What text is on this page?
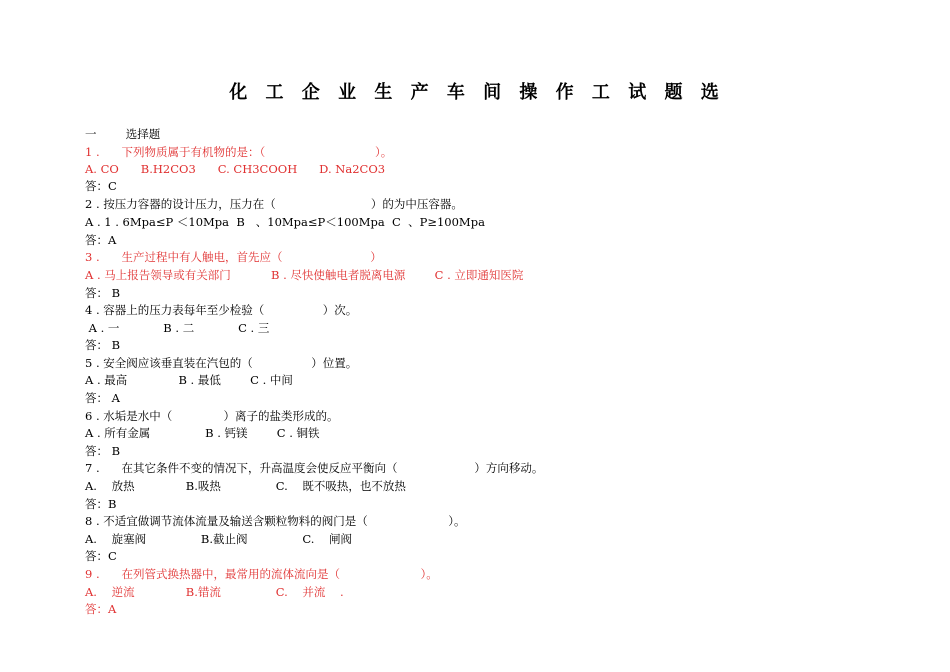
化 工 企 业 生 产 车 间 操 作 工 试 题 选
一        选择题
1 .      下列物质属于有机物的是：（                              ）。
A. CO      B.H2CO3      C. CH3COOH      D. Na2CO3
答：C
2 . 按压力容器的设计压力，压力在（                          ）的为中压容器。
A . 1 . 6Mpa≤P ＜10Mpa  B   、10Mpa≤P＜100Mpa  C  、P≥100Mpa
答：A
3 .      生产过程中有人触电，首先应（                        ）
A . 马上报告领导或有关部门           B . 尽快使触电者脱离电源        C . 立即通知医院
答： B
4 . 容器上的压力表每年至少检验（                ）次。
A . 一            B . 二            C . 三
答： B
5 . 安全阀应该垂直装在汽包的（                ）位置。
A . 最高              B . 最低        C . 中间
答： A
6 . 水垢是水中（              ）离子的盐类形成的。
A . 所有金属               B . 钙镁        C . 铜铁
答： B
7 .      在其它条件不变的情况下，升高温度会使反应平衡向（                     ）方向移动。
A.    放热              B.吸热               C.    既不吸热，也不放热
答：B
8 . 不适宜做调节流体流量及输送含颗粒物料的阀门是（                      ）。
A.    旋塞阀               B.截止阀               C.    闸阀
答：C
9 .      在列管式换热器中，最常用的流体流向是（                      ）。
A.    逆流              B.错流               C.    并流    .
答：A
